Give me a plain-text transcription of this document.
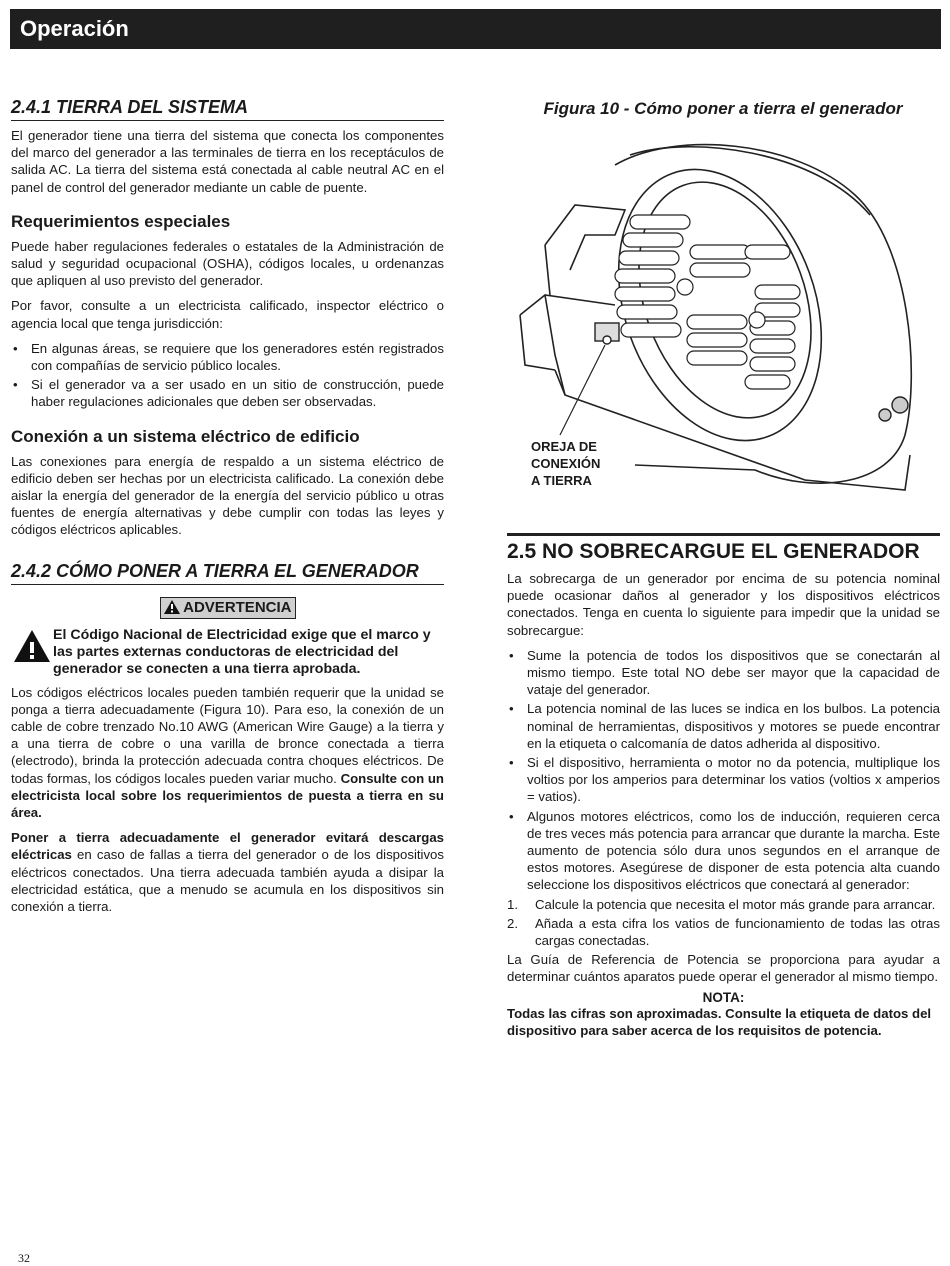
Operación
2.4.1 TIERRA DEL SISTEMA

El generador tiene una tierra del sistema que conecta los componentes del marco del generador a las terminales de tierra en los receptáculos de salida AC. La tierra del sistema está conectada al cable neutral AC en el panel de control del generador mediante un cable de puente.

Requerimientos especiales

Puede haber regulaciones federales o estatales de la Administración de salud y seguridad ocupacional (OSHA), códigos locales, u ordenanzas que apliquen al uso previsto del generador.

Por favor, consulte a un electricista calificado, inspector eléctrico o agencia local que tenga jurisdicción:

• En algunas áreas, se requiere que los generadores estén registrados con compañías de servicio público locales.
• Si el generador va a ser usado en un sitio de construcción, puede haber regulaciones adicionales que deben ser observadas.
Conexión a un sistema eléctrico de edificio

Las conexiones para energía de respaldo a un sistema eléctrico de edificio deben ser hechas por un electricista calificado. La conexión debe aislar la energía del generador de la energía del servicio público u otras fuentes de energía alternativas y debe cumplir con todas las leyes y códigos eléctricos aplicables.

2.4.2 CÓMO PONER A TIERRA EL GENERADOR
ADVERTENCIA

El Código Nacional de Electricidad exige que el marco y las partes externas conductoras de electricidad del generador se conecten a una tierra aprobada.

Los códigos eléctricos locales pueden también requerir que la unidad se ponga a tierra adecuadamente (Figura 10). Para eso, la conexión de un cable de cobre trenzado No.10 AWG (American Wire Gauge) a la tierra y a una tierra de cobre o una varilla de bronce conectada a tierra (electrodo), brinda la protección adecuada contra choques eléctricos. De todas formas, los códigos locales pueden variar mucho. Consulte con un electricista local sobre los requerimientos de puesta a tierra en su área.

Poner a tierra adecuadamente el generador evitará descargas eléctricas en caso de fallas a tierra del generador o de los dispositivos eléctricos conectados. Una tierra adecuada también ayuda a disipar la electricidad estática, que a menudo se acumula en los dispositivos sin conexión a tierra.

Figura 10 - Cómo poner a tierra el generador
OREJA DE
CONEXIÓN
A TIERRA
2.5 NO SOBRECARGUE EL GENERADOR

La sobrecarga de un generador por encima de su potencia nominal puede ocasionar daños al generador y los dispositivos eléctricos conectados. Tenga en cuenta lo siguiente para impedir que la unidad se sobrecargue:

• Sume la potencia de todos los dispositivos que se conectarán al mismo tiempo. Este total NO debe ser mayor que la capacidad de vataje del generador.
• La potencia nominal de las luces se indica en los bulbos. La potencia nominal de herramientas, dispositivos y motores se puede encontrar en la etiqueta o calcomanía de datos adherida al dispositivo.
• Si el dispositivo, herramienta o motor no da potencia, multiplique los voltios por los amperios para determinar los vatios (voltios x amperios = vatios).
• Algunos motores eléctricos, como los de inducción, requieren cerca de tres veces más potencia para arrancar que durante la marcha. Este aumento de potencia sólo dura unos segundos en el arranque de estos motores. Asegúrese de disponer de esta potencia alta cuando seleccione los dispositivos eléctricos que conectará al generador:
1. Calcule la potencia que necesita el motor más grande para arrancar.
2. Añada a esta cifra los vatios de funcionamiento de todas las otras cargas conectadas.

La Guía de Referencia de Potencia se proporciona para ayudar a determinar cuántos aparatos puede operar el generador al mismo tiempo.

NOTA:

Todas las cifras son aproximadas. Consulte la etiqueta de datos del dispositivo para saber acerca de los requisitos de potencia.

32
